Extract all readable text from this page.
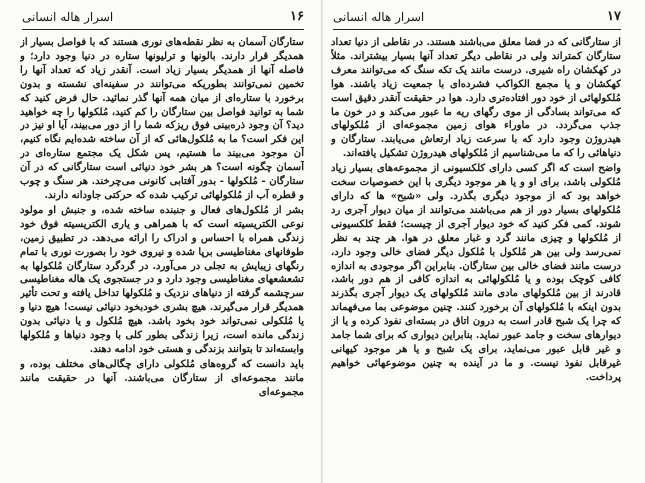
اسرار هاله انسانی	۱۶

ستارگان آسمان به نظر نقطه‌های نوری هستند که با فواصل بسیار از همدیگر قرار دارند. بالونها و ترلیونها ستاره در دنیا وجود دارد؛ و فاصله آنها از همدیگر بسیار زیاد است. آنقدر زیاد که تعداد آنها را تخمین نمی‌توانند بطوریکه می‌توانند در سفینه‌ای نشسته و بدون برخورد با ستاره‌ای از میان همه آنها گذر نمائید. حال فرض کنید که شما به توانید فواصل بین ستارگان را کم کنید، مُلکولها را چه خواهید دید؟ آن وجود ذره‌بینی فوق ریزکه شما را از دور می‌بیند، آیا او نیز در این فکر است؟ ما به مُلکول‌هائی که از آن ساخته شده‌ایم نگاه کنیم، آن موجود می‌بیند ما هستیم، پس شکل یک مجتمع ستاره‌ای در آسمان چگونه است؟ هر بشر خود دنیائی است ستارگانی که در آن ستارگان - مُلکولها - بدور آفتابی کانونی می‌چرخند. هر سنگ و چوب و قطره آب از مُلکولهائی ترکیب شده که حرکتی جاودانه دارند.

بشر از مُلکول‌های فعال و جنبنده ساخته شده، و جنبش او مولود نوعی الکتریسیته است که با همراهی و یاری الکتریسیته فوق خود زندگی همراه با احساس و ادراک را ارائه می‌دهد. در تطبیق زمین، طوفانهای مغناطیسی برپا شده و نیروی خود را بصورت نوری با تمام رنگهای زیبایش به تجلی در می‌آورد. در گردگرد ستارگان مُلکولها به تشعشعهای مغناطیسی وجود دارد و در جستجوی یک هاله مغناطیسی سرچشمه گرفته از دنیاهای نزدیک و مُلکولها تداخل یافته و تحت تأثیر همدیگر قرار می‌گیرند. هیچ بشری خودبخود دنیائی نیست! هیچ دنیا و یا مُلکولی نمی‌تواند خود بخود باشد. هیچ مُلکول و یا دنیائی بدون زندگی مانده است، زیرا زندگی بطور کلی با وجود دنیاها و مُلکولها وابسته‌اند تا بتوانند بزندگی و هستی خود ادامه دهند.

باید دانست که گروه‌های مُلکولی دارای چگالی‌های مختلف بوده، و مانند مجموعه‌ای از ستارگان می‌باشند. آنها در حقیقت مانند مجموعه‌ای

اسرار هاله انسانی	۱۷

از ستارگانی که در فضا معلق می‌باشند هستند. در نقاطی از دنیا تعداد ستارگان کمتراند ولی در نقاطی دیگر تعداد آنها بسیار بیشتراند. مثلاً در کهکشان راه شیری. درست مانند یک تکه سنگ که می‌توانند معرف کهکشان و یا مجمع الکواکب فشرده‌ای با جمعیت زیاد باشند. هوا مُلکولهائی از خود دور افتاده‌تری دارد. هوا در حقیقت آنقدر دقیق است که می‌تواند بسادگی از موی رگهای ریه ما عبور می‌کند و در خون ما جذب می‌گردد. در ماوراء هوای زمین مجموعه‌ای از مُلکولهای هیدروژن وجود دارد که با سرعت زیاد ارتعاش می‌یابند. ستارگان و دنیاهائی را که ما می‌شناسیم از مُلکولهای هیدروژن تشکیل یافته‌اند.

واضح است که اگر کسی دارای کلکسیونی از مجموعه‌های بسیار زیاد مُلکولی باشد، برای او و یا هر موجود دیگری با این خصوصیات سخت خواهد بود که از موجود دیگری بگذرد. ولی «شبح» ها که دارای مُلکولهای بسیار دور از هم می‌باشند می‌توانند از میان دیوار آجری رد شوند. کمی فکر کنید که خود دیوار آجری از چیست؛ فقط کلکسیونی از مُلکولها و چیزی مانند گرد و غبار معلق در هوا. هر چند به نظر نمی‌رسد ولی بین هر مُلکول با مُلکول دیگر فضای خالی وجود دارد، درست مانند فضای خالی بین ستارگان. بنابراین اگر موجودی به اندازه کافی کوچک بوده و یا مُلکولهائی به اندازه کافی از هم دور باشد، قادرند از بین مُلکولهای مادی مانند مُلکولهای یک دیوار آجری بگذرند بدون اینکه با مُلکولهای آن برخورد کنند. چنین موضوعی بما می‌فهماند که چرا یک شبح قادر است به درون اتاق در بسته‌ای نفوذ کرده و یا از دیوارهای سخت و جامد عبور نماید. بنابراین دیواری که برای شما جامد و غیر قابل عبور می‌نماید، برای یک شبح و یا هر موجود کیهانی غیرقابل نفوذ نیست. و ما در آینده به چنین موضوعهائی خواهیم پرداخت.
